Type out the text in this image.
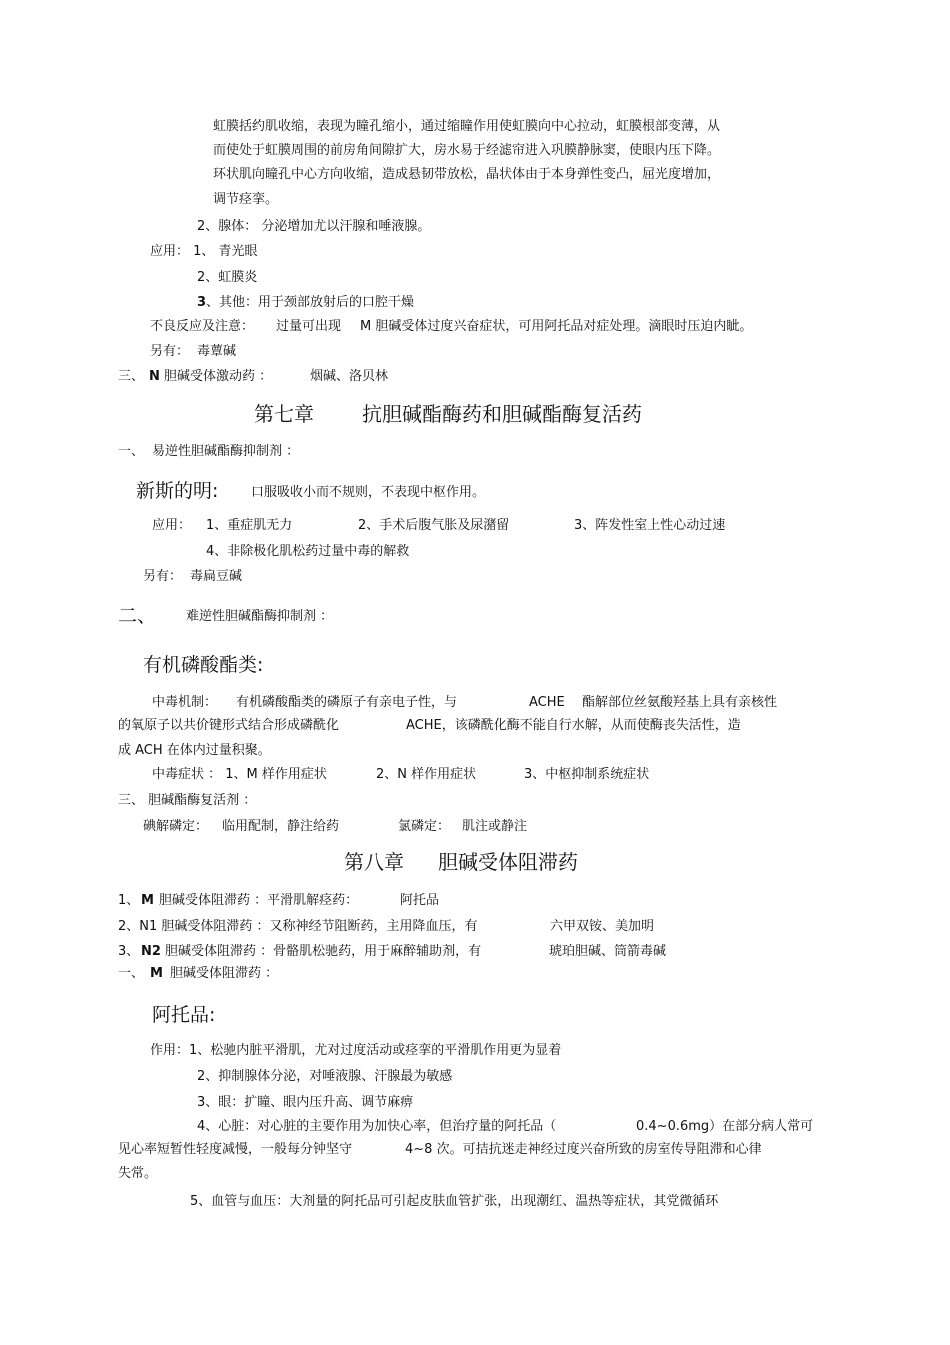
虹膜括约肌收缩，表现为瞳孔缩小，通过缩瞳作用使虹膜向中心拉动，虹膜根部变薄，从
而使处于虹膜周围的前房角间隙扩大，房水易于经滤帘进入巩膜静脉窦，使眼内压下降。
环状肌向瞳孔中心方向收缩，造成悬韧带放松，晶状体由于本身弹性变凸，屈光度增加，
调节痉挛。
2、腺体： 分泌增加尤以汗腺和唾液腺。
应用： 1、 青光眼
2、虹膜炎
3 、其他：用于颈部放射后的口腔干燥
不良反应及注意： 过量可出现 M 胆碱受体过度兴奋症状，可用阿托品对症处理。滴眼时压迫内眦。
另有： 毒蕈碱
三、 N 胆碱受体激动药 ：	烟碱、洛贝林
第七章 抗胆碱酯酶药和胆碱酯酶复活药
一、 易逆性胆碱酯酶抑制剂 ：
新斯的明:	口服吸收小而不规则，不表现中枢作用。
应用： 1、重症肌无力	2、手术后腹气胀及尿潴留	3、阵发性室上性心动过速
4、非除极化肌松药过量中毒的解救
另有： 毒扁豆碱
二、 难逆性胆碱酯酶抑制剂 ：
有机磷酸酯类:
中毒机制： 有机磷酸酯类的磷原子有亲电子性，与	ACHE 酯解部位丝氨酸羟基上具有亲核性
的氧原子以共价键形式结合形成磷酰化	ACHE，该磷酰化酶不能自行水解，从而使酶丧失活性，造
成 ACH 在体内过量积聚。
中毒症状 ： 1、M 样作用症状	2、N 样作用症状	3、中枢抑制系统症状
三、 胆碱酯酶复活剂 ：
碘解磷定： 临用配制，静注给药	氯磷定： 肌注或静注
第八章 胆碱受体阻滞药
1、 M 胆碱受体阻滞药 ：平滑肌解痉药：	阿托品
2、N1 胆碱受体阻滞药 ：又称神经节阻断药，主用降血压，有	六甲双铵、美加明
3、 N2 胆碱受体阻滞药 ：骨骼肌松驰药，用于麻醉辅助剂，有	琥珀胆碱、筒箭毒碱
一、 M 胆碱受体阻滞药 ：
阿托品:
作用：1、松驰内脏平滑肌，尤对过度活动或痉挛的平滑肌作用更为显着
2、抑制腺体分泌，对唾液腺、汗腺最为敏感
3、眼：扩瞳、眼内压升高、调节麻痹
4、心脏：对心脏的主要作用为加快心率，但治疗量的阿托品（	0.4~0.6mg）在部分病人常可
见心率短暂性轻度减慢，一般每分钟坚守	4~8 次。可拮抗迷走神经过度兴奋所致的房室传导阻滞和心律
失常。
5、血管与血压：大剂量的阿托品可引起皮肤血管扩张，出现潮红、温热等症状，其党微循环
